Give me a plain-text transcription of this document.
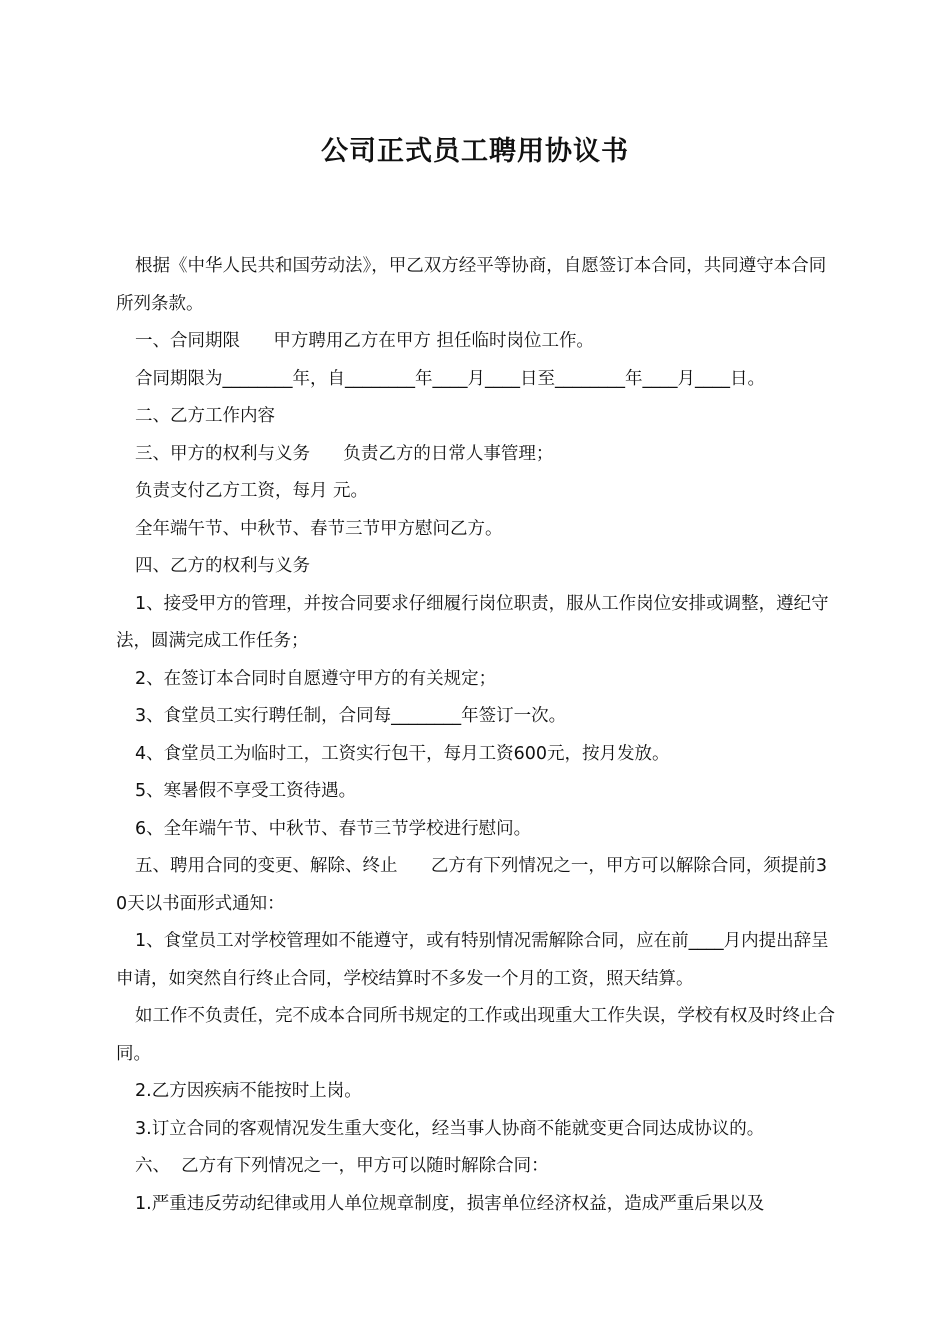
公司正式员工聘用协议书

根据《中华人民共和国劳动法》，甲乙双方经平等协商，自愿签订本合同，共同遵守本合同所列条款。

一、合同期限      甲方聘用乙方在甲方 担任临时岗位工作。

合同期限为________年，自________年____月____日至________年____月____日。

二、乙方工作内容

三、甲方的权利与义务      负责乙方的日常人事管理；

负责支付乙方工资，每月 元。

全年端午节、中秋节、春节三节甲方慰问乙方。

四、乙方的权利与义务

1、接受甲方的管理，并按合同要求仔细履行岗位职责，服从工作岗位安排或调整，遵纪守法，圆满完成工作任务；

2、在签订本合同时自愿遵守甲方的有关规定；

3、食堂员工实行聘任制，合同每________年签订一次。

4、食堂员工为临时工，工资实行包干，每月工资600元，按月发放。

5、寒暑假不享受工资待遇。

6、全年端午节、中秋节、春节三节学校进行慰问。

五、聘用合同的变更、解除、终止      乙方有下列情况之一，甲方可以解除合同，须提前30天以书面形式通知：

1、食堂员工对学校管理如不能遵守，或有特别情况需解除合同，应在前____月内提出辞呈申请，如突然自行终止合同，学校结算时不多发一个月的工资，照天结算。

如工作不负责任，完不成本合同所书规定的工作或出现重大工作失误，学校有权及时终止合同。

2.乙方因疾病不能按时上岗。

3.订立合同的客观情况发生重大变化，经当事人协商不能就变更合同达成协议的。

六、  乙方有下列情况之一，甲方可以随时解除合同：

1.严重违反劳动纪律或用人单位规章制度，损害单位经济权益，造成严重后果以及
